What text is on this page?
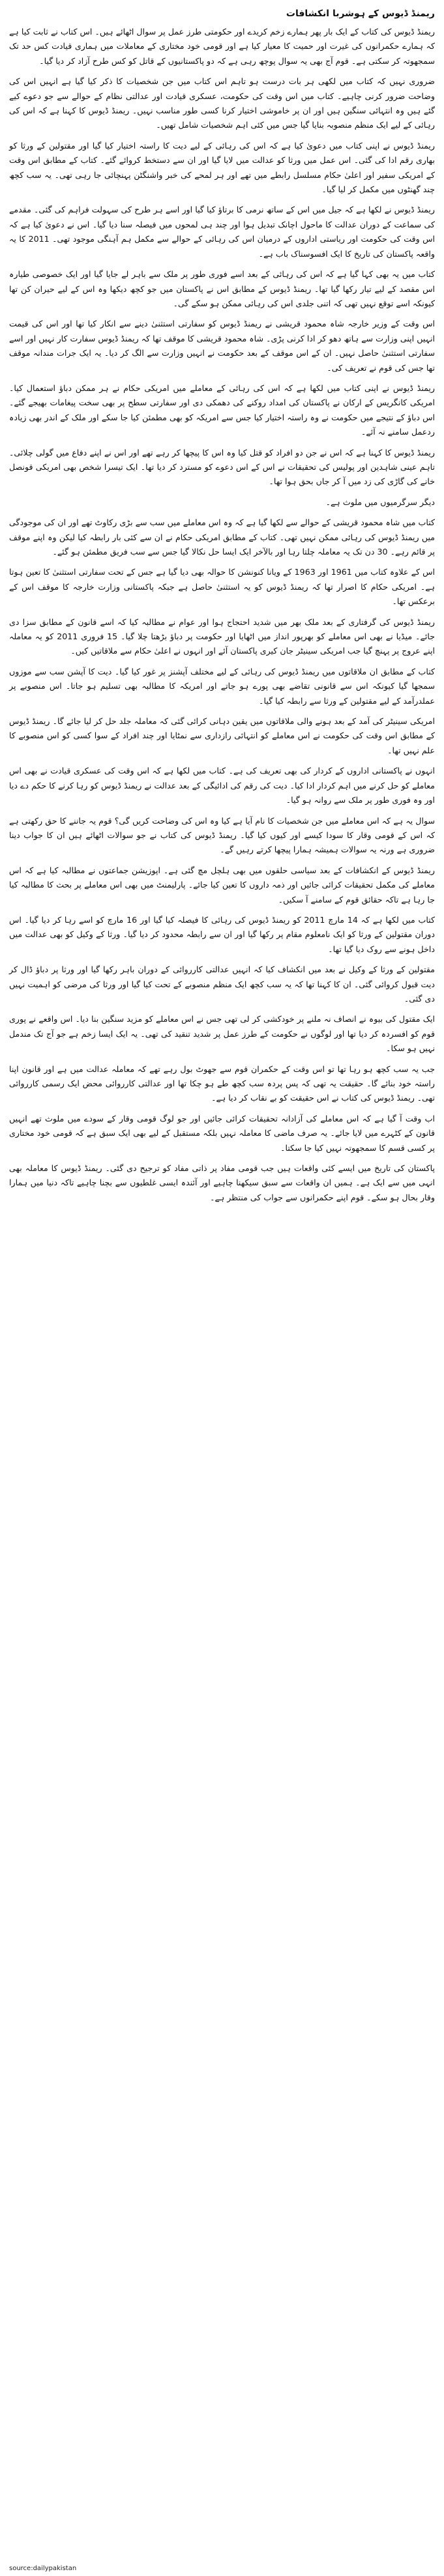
ریمنڈ ڈیوس کے ہوشربا انکشافات

ریمنڈ ڈیوس کی کتاب کے ایک بار پھر ہمارے زخم کریدے اور حکومتی طرز عمل پر سوال اٹھائے ہیں۔ اس کتاب نے ثابت کیا ہے کہ ہمارے حکمرانوں کی غیرت اور حمیت کا معیار کیا ہے اور قومی خود مختاری کے معاملات میں ہماری قیادت کس حد تک سمجھوتہ کر سکتی ہے۔ قوم آج بھی یہ سوال پوچھ رہی ہے کہ دو پاکستانیوں کے قاتل کو کس طرح آزاد کر دیا گیا۔

ضروری نہیں کہ کتاب میں لکھی ہر بات درست ہو تاہم اس کتاب میں جن شخصیات کا ذکر کیا گیا ہے انہیں اس کی وضاحت ضرور کرنی چاہیے۔ کتاب میں اس وقت کی حکومت، عسکری قیادت اور عدالتی نظام کے حوالے سے جو دعوے کیے گئے ہیں وہ انتہائی سنگین ہیں اور ان پر خاموشی اختیار کرنا کسی طور مناسب نہیں۔ ریمنڈ ڈیوس کا کہنا ہے کہ اس کی رہائی کے لیے ایک منظم منصوبہ بنایا گیا جس میں کئی اہم شخصیات شامل تھیں۔

ریمنڈ ڈیوس نے اپنی کتاب میں دعویٰ کیا ہے کہ اس کی رہائی کے لیے دیت کا راستہ اختیار کیا گیا اور مقتولین کے ورثا کو بھاری رقم ادا کی گئی۔ اس عمل میں ورثا کو عدالت میں لایا گیا اور ان سے دستخط کروائے گئے۔ کتاب کے مطابق اس وقت کے امریکی سفیر اور اعلیٰ حکام مسلسل رابطے میں تھے اور ہر لمحے کی خبر واشنگٹن پہنچائی جا رہی تھی۔ یہ سب کچھ چند گھنٹوں میں مکمل کر لیا گیا۔

ریمنڈ ڈیوس نے لکھا ہے کہ جیل میں اس کے ساتھ نرمی کا برتاؤ کیا گیا اور اسے ہر طرح کی سہولت فراہم کی گئی۔ مقدمے کی سماعت کے دوران عدالت کا ماحول اچانک تبدیل ہوا اور چند ہی لمحوں میں فیصلہ سنا دیا گیا۔ اس نے دعویٰ کیا ہے کہ اس وقت کی حکومت اور ریاستی اداروں کے درمیان اس کی رہائی کے حوالے سے مکمل ہم آہنگی موجود تھی۔ 2011 کا یہ واقعہ پاکستان کی تاریخ کا ایک افسوسناک باب ہے۔

کتاب میں یہ بھی کہا گیا ہے کہ اس کی رہائی کے بعد اسے فوری طور پر ملک سے باہر لے جایا گیا اور ایک خصوصی طیارہ اس مقصد کے لیے تیار رکھا گیا تھا۔ ریمنڈ ڈیوس کے مطابق اس نے پاکستان میں جو کچھ دیکھا وہ اس کے لیے حیران کن تھا کیونکہ اسے توقع نہیں تھی کہ اتنی جلدی اس کی رہائی ممکن ہو سکے گی۔

اس وقت کے وزیر خارجہ شاہ محمود قریشی نے ریمنڈ ڈیوس کو سفارتی استثنیٰ دینے سے انکار کیا تھا اور اس کی قیمت انہیں اپنی وزارت سے ہاتھ دھو کر ادا کرنی پڑی۔ شاہ محمود قریشی کا موقف تھا کہ ریمنڈ ڈیوس سفارت کار نہیں اور اسے سفارتی استثنیٰ حاصل نہیں۔ ان کے اس موقف کے بعد حکومت نے انہیں وزارت سے الگ کر دیا۔ یہ ایک جرات مندانہ موقف تھا جس کی قوم نے تعریف کی۔

ریمنڈ ڈیوس نے اپنی کتاب میں لکھا ہے کہ اس کی رہائی کے معاملے میں امریکی حکام نے ہر ممکن دباؤ استعمال کیا۔ امریکی کانگریس کے ارکان نے پاکستان کی امداد روکنے کی دھمکی دی اور سفارتی سطح پر بھی سخت پیغامات بھیجے گئے۔ اس دباؤ کے نتیجے میں حکومت نے وہ راستہ اختیار کیا جس سے امریکہ کو بھی مطمئن کیا جا سکے اور ملک کے اندر بھی زیادہ ردعمل سامنے نہ آئے۔

ریمنڈ ڈیوس کا کہنا ہے کہ اس نے جن دو افراد کو قتل کیا وہ اس کا پیچھا کر رہے تھے اور اس نے اپنے دفاع میں گولی چلائی۔ تاہم عینی شاہدین اور پولیس کی تحقیقات نے اس کے اس دعوے کو مسترد کر دیا تھا۔ ایک تیسرا شخص بھی امریکی قونصل خانے کی گاڑی کی زد میں آ کر جاں بحق ہوا تھا۔

دیگر سرگرمیوں میں ملوث ہے۔

کتاب میں شاہ محمود قریشی کے حوالے سے لکھا گیا ہے کہ وہ اس معاملے میں سب سے بڑی رکاوٹ تھے اور ان کی موجودگی میں ریمنڈ ڈیوس کی رہائی ممکن نہیں تھی۔ کتاب کے مطابق امریکی حکام نے ان سے کئی بار رابطہ کیا لیکن وہ اپنے موقف پر قائم رہے۔ 30 دن تک یہ معاملہ چلتا رہا اور بالآخر ایک ایسا حل نکالا گیا جس سے سب فریق مطمئن ہو گئے۔

اس کے علاوہ کتاب میں 1961 اور 1963 کے ویانا کنونشن کا حوالہ بھی دیا گیا ہے جس کے تحت سفارتی استثنیٰ کا تعین ہوتا ہے۔ امریکی حکام کا اصرار تھا کہ ریمنڈ ڈیوس کو یہ استثنیٰ حاصل ہے جبکہ پاکستانی وزارت خارجہ کا موقف اس کے برعکس تھا۔

ریمنڈ ڈیوس کی گرفتاری کے بعد ملک بھر میں شدید احتجاج ہوا اور عوام نے مطالبہ کیا کہ اسے قانون کے مطابق سزا دی جائے۔ میڈیا نے بھی اس معاملے کو بھرپور انداز میں اٹھایا اور حکومت پر دباؤ بڑھتا چلا گیا۔ 15 فروری 2011 کو یہ معاملہ اپنے عروج پر پہنچ گیا جب امریکی سینیٹر جان کیری پاکستان آئے اور انہوں نے اعلیٰ حکام سے ملاقاتیں کیں۔

کتاب کے مطابق ان ملاقاتوں میں ریمنڈ ڈیوس کی رہائی کے لیے مختلف آپشنز پر غور کیا گیا۔ دیت کا آپشن سب سے موزوں سمجھا گیا کیونکہ اس سے قانونی تقاضے بھی پورے ہو جاتے اور امریکہ کا مطالبہ بھی تسلیم ہو جاتا۔ اس منصوبے پر عملدرآمد کے لیے مقتولین کے ورثا سے رابطہ کیا گیا۔

امریکی سینیٹر کی آمد کے بعد ہونے والی ملاقاتوں میں یقین دہانی کرائی گئی کہ معاملہ جلد حل کر لیا جائے گا۔ ریمنڈ ڈیوس کے مطابق اس وقت کی حکومت نے اس معاملے کو انتہائی رازداری سے نمٹایا اور چند افراد کے سوا کسی کو اس منصوبے کا علم نہیں تھا۔

انہوں نے پاکستانی اداروں کے کردار کی بھی تعریف کی ہے۔ کتاب میں لکھا ہے کہ اس وقت کی عسکری قیادت نے بھی اس معاملے کو حل کرنے میں اہم کردار ادا کیا۔ دیت کی رقم کی ادائیگی کے بعد عدالت نے ریمنڈ ڈیوس کو رہا کرنے کا حکم دے دیا اور وہ فوری طور پر ملک سے روانہ ہو گیا۔

سوال یہ ہے کہ اس معاملے میں جن شخصیات کا نام آیا ہے کیا وہ اس کی وضاحت کریں گی؟ قوم یہ جاننے کا حق رکھتی ہے کہ اس کے قومی وقار کا سودا کیسے اور کیوں کیا گیا۔ ریمنڈ ڈیوس کی کتاب نے جو سوالات اٹھائے ہیں ان کا جواب دینا ضروری ہے ورنہ یہ سوالات ہمیشہ ہمارا پیچھا کرتے رہیں گے۔

ریمنڈ ڈیوس کے انکشافات کے بعد سیاسی حلقوں میں بھی ہلچل مچ گئی ہے۔ اپوزیشن جماعتوں نے مطالبہ کیا ہے کہ اس معاملے کی مکمل تحقیقات کرائی جائیں اور ذمہ داروں کا تعین کیا جائے۔ پارلیمنٹ میں بھی اس معاملے پر بحث کا مطالبہ کیا جا رہا ہے تاکہ حقائق قوم کے سامنے آ سکیں۔

کتاب میں لکھا ہے کہ 14 مارچ 2011 کو ریمنڈ ڈیوس کی رہائی کا فیصلہ کیا گیا اور 16 مارچ کو اسے رہا کر دیا گیا۔ اس دوران مقتولین کے ورثا کو ایک نامعلوم مقام پر رکھا گیا اور ان سے رابطہ محدود کر دیا گیا۔ ورثا کے وکیل کو بھی عدالت میں داخل ہونے سے روک دیا گیا تھا۔

مقتولین کے ورثا کے وکیل نے بعد میں انکشاف کیا کہ انہیں عدالتی کارروائی کے دوران باہر رکھا گیا اور ورثا پر دباؤ ڈال کر دیت قبول کروائی گئی۔ ان کا کہنا تھا کہ یہ سب کچھ ایک منظم منصوبے کے تحت کیا گیا اور ورثا کی مرضی کو اہمیت نہیں دی گئی۔

ایک مقتول کی بیوہ نے انصاف نہ ملنے پر خودکشی کر لی تھی جس نے اس معاملے کو مزید سنگین بنا دیا۔ اس واقعے نے پوری قوم کو افسردہ کر دیا تھا اور لوگوں نے حکومت کے طرز عمل پر شدید تنقید کی تھی۔ یہ ایک ایسا زخم ہے جو آج تک مندمل نہیں ہو سکا۔

جب یہ سب کچھ ہو رہا تھا تو اس وقت کے حکمران قوم سے جھوٹ بول رہے تھے کہ معاملہ عدالت میں ہے اور قانون اپنا راستہ خود بنائے گا۔ حقیقت یہ تھی کہ پس پردہ سب کچھ طے ہو چکا تھا اور عدالتی کارروائی محض ایک رسمی کارروائی تھی۔ ریمنڈ ڈیوس کی کتاب نے اس حقیقت کو بے نقاب کر دیا ہے۔

اب وقت آ گیا ہے کہ اس معاملے کی آزادانہ تحقیقات کرائی جائیں اور جو لوگ قومی وقار کے سودے میں ملوث تھے انہیں قانون کے کٹہرے میں لایا جائے۔ یہ صرف ماضی کا معاملہ نہیں بلکہ مستقبل کے لیے بھی ایک سبق ہے کہ قومی خود مختاری پر کسی قسم کا سمجھوتہ نہیں کیا جا سکتا۔

پاکستان کی تاریخ میں ایسے کئی واقعات ہیں جب قومی مفاد پر ذاتی مفاد کو ترجیح دی گئی۔ ریمنڈ ڈیوس کا معاملہ بھی انہی میں سے ایک ہے۔ ہمیں ان واقعات سے سبق سیکھنا چاہیے اور آئندہ ایسی غلطیوں سے بچنا چاہیے تاکہ دنیا میں ہمارا وقار بحال ہو سکے۔ قوم اپنے حکمرانوں سے جواب کی منتظر ہے۔

source:dailypakistan
